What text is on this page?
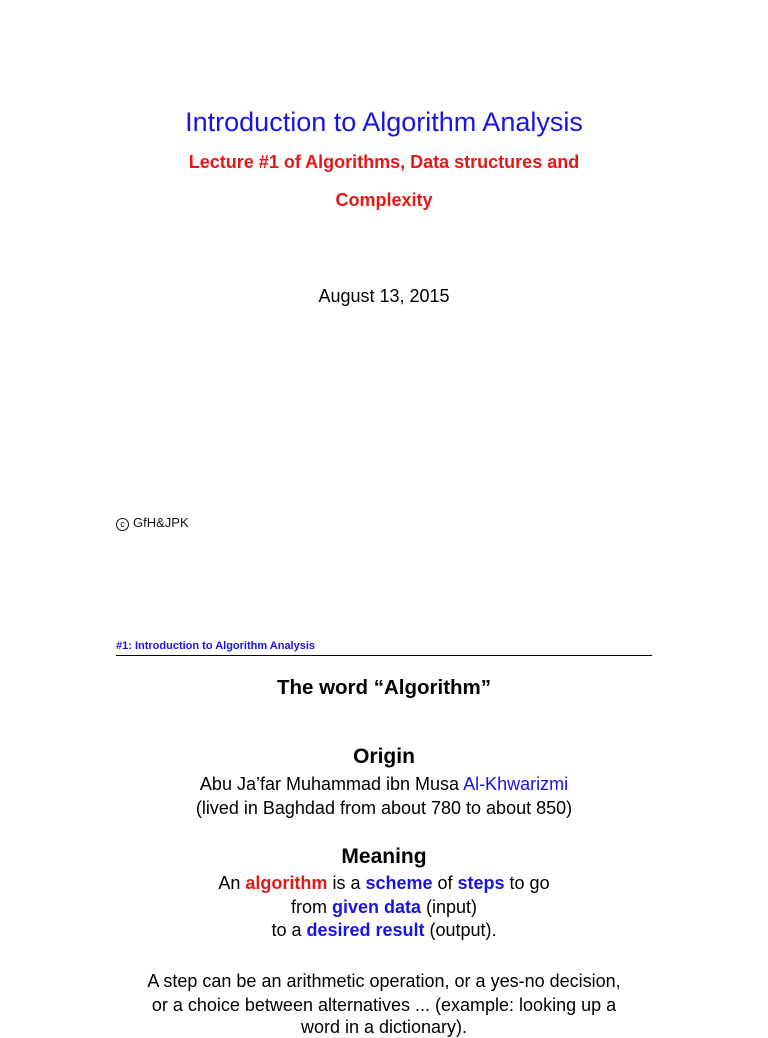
Introduction to Algorithm Analysis
Lecture #1 of Algorithms, Data structures and
Complexity
August 13, 2015
c GfH&JPK
#1: Introduction to Algorithm Analysis
The word “Algorithm”
Origin
Abu Ja’far Muhammad ibn Musa Al-Khwarizmi
(lived in Baghdad from about 780 to about 850)
Meaning
An algorithm is a scheme of steps to go
from given data (input)
to a desired result (output).
A step can be an arithmetic operation, or a yes-no decision,
or a choice between alternatives ... (example: looking up a
word in a dictionary).
